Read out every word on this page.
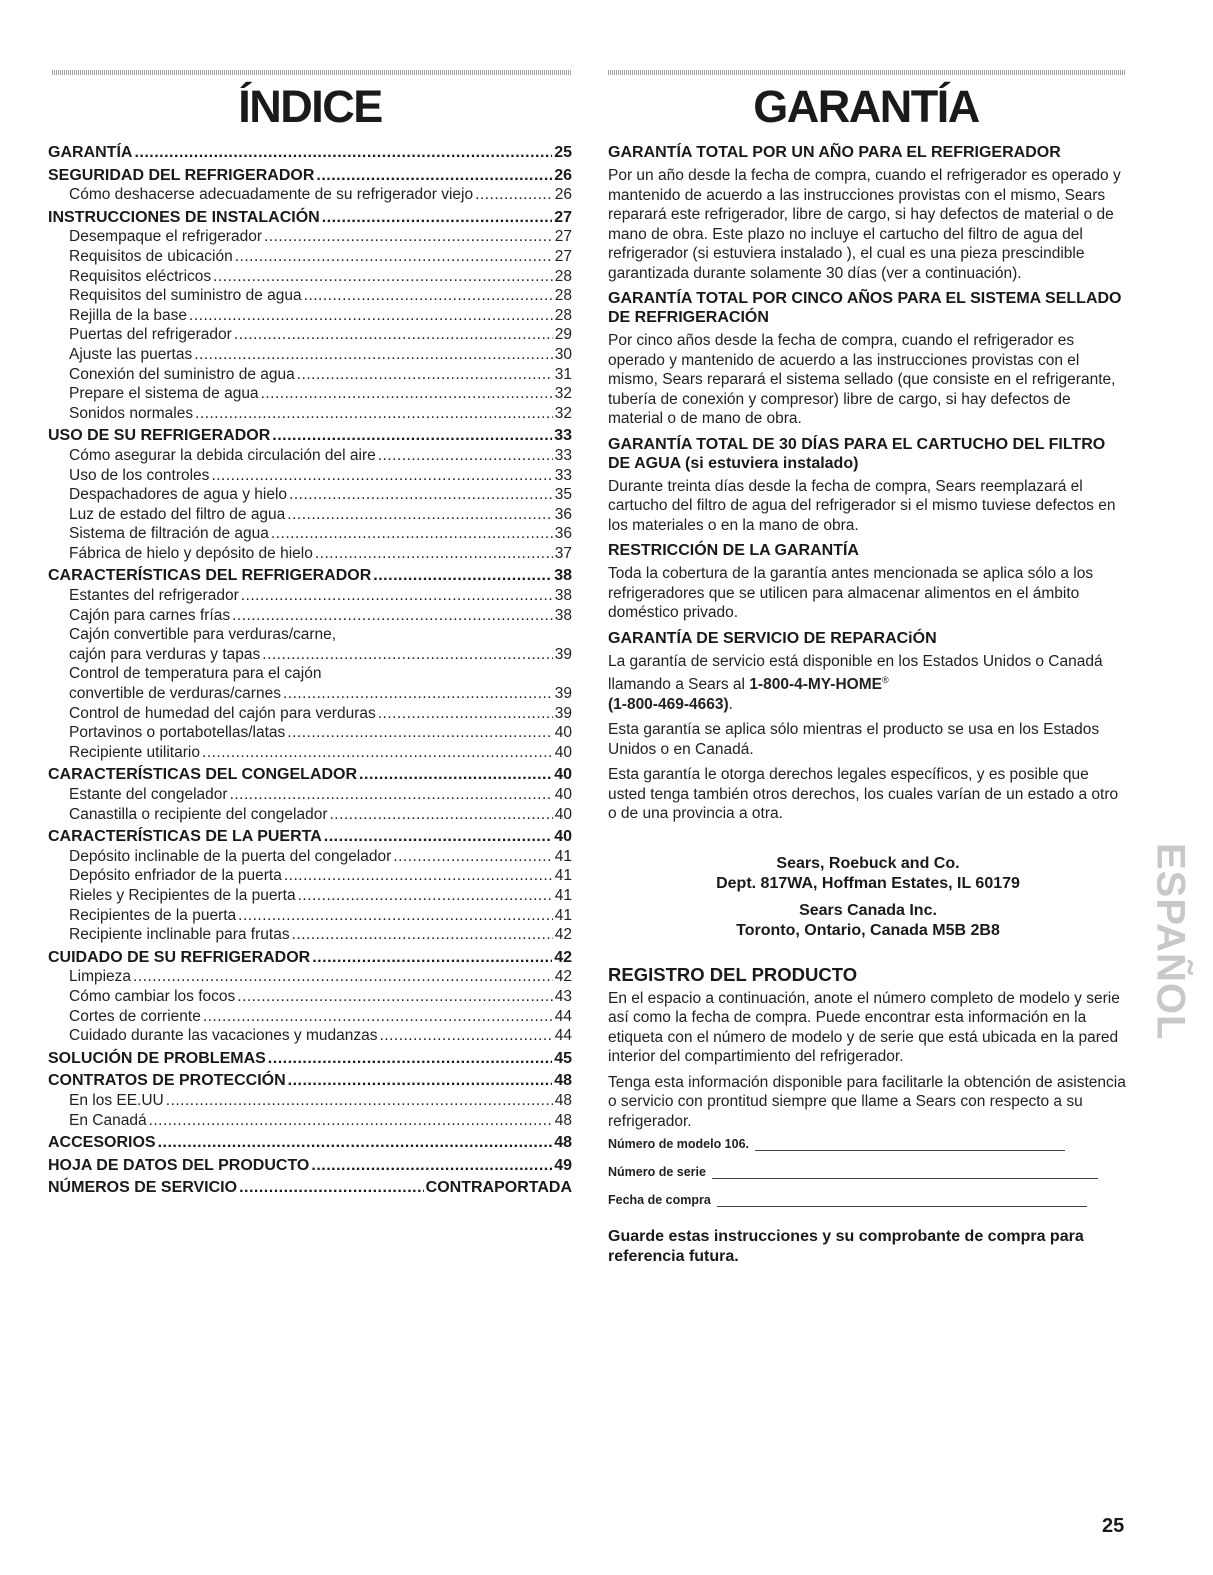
ÍNDICE	GARANTÍA
GARANTÍA .....	25
SEGURIDAD DEL REFRIGERADOR .....	26
Cómo deshacerse adecuadamente de su refrigerador viejo .....	26
INSTRUCCIONES DE INSTALACIÓN .....	27
Desempaque el refrigerador .....	27
Requisitos de ubicación .....	27
Requisitos eléctricos .....	28
Requisitos del suministro de agua .....	28
Rejilla de la base .....	28
Puertas del refrigerador .....	29
Ajuste las puertas .....	30
Conexión del suministro de agua .....	31
Prepare el sistema de agua .....	32
Sonidos normales .....	32
USO DE SU REFRIGERADOR .....	33
Cómo asegurar la debida circulación del aire .....	33
Uso de los controles .....	33
Despachadores de agua y hielo .....	35
Luz de estado del filtro de agua .....	36
Sistema de filtración de agua .....	36
Fábrica de hielo y depósito de hielo .....	37
CARACTERÍSTICAS DEL REFRIGERADOR .....	38
Estantes del refrigerador .....	38
Cajón para carnes frías .....	38
Cajón convertible para verduras/carne,
cajón para verduras y tapas .....	39
Control de temperatura para el cajón
convertible de verduras/carnes .....	39
Control de humedad del cajón para verduras .....	39
Portavinos o portabotellas/latas .....	40
Recipiente utilitario .....	40
CARACTERÍSTICAS DEL CONGELADOR .....	40
Estante del congelador .....	40
Canastilla o recipiente del congelador .....	40
CARACTERÍSTICAS DE LA PUERTA .....	40
Depósito inclinable de la puerta del congelador .....	41
Depósito enfriador de la puerta .....	41
Rieles y Recipientes de la puerta .....	41
Recipientes de la puerta .....	41
Recipiente inclinable para frutas .....	42
CUIDADO DE SU REFRIGERADOR .....	42
Limpieza .....	42
Cómo cambiar los focos .....	43
Cortes de corriente .....	44
Cuidado durante las vacaciones y mudanzas .....	44
SOLUCIÓN DE PROBLEMAS .....	45
CONTRATOS DE PROTECCIÓN .....	48
En los EE.UU .....	48
En Canadá .....	48
ACCESORIOS .....	48
HOJA DE DATOS DEL PRODUCTO .....	49
NÚMEROS DE SERVICIO .....	CONTRAPORTADA
GARANTÍA TOTAL POR UN AÑO PARA EL REFRIGERADOR

Por un año desde la fecha de compra, cuando el refrigerador es operado y mantenido de acuerdo a las instrucciones provistas con el mismo, Sears reparará este refrigerador, libre de cargo, si hay defectos de material o de mano de obra. Este plazo no incluye el cartucho del filtro de agua del refrigerador (si estuviera instalado ), el cual es una pieza prescindible garantizada durante solamente 30 días (ver a continuación).

GARANTÍA TOTAL POR CINCO AÑOS PARA EL SISTEMA SELLADO DE REFRIGERACIÓN

Por cinco años desde la fecha de compra, cuando el refrigerador es operado y mantenido de acuerdo a las instrucciones provistas con el mismo, Sears reparará el sistema sellado (que consiste en el refrigerante, tubería de conexión y compresor) libre de cargo, si hay defectos de material o de mano de obra.

GARANTÍA TOTAL DE 30 DÍAS PARA EL CARTUCHO DEL FILTRO DE AGUA (si estuviera instalado)

Durante treinta días desde la fecha de compra, Sears reemplazará el cartucho del filtro de agua del refrigerador si el mismo tuviese defectos en los materiales o en la mano de obra.

RESTRICCIÓN DE LA GARANTÍA

Toda la cobertura de la garantía antes mencionada se aplica sólo a los refrigeradores que se utilicen para almacenar alimentos en el ámbito doméstico privado.

GARANTÍA DE SERVICIO DE REPARACiÓN

La garantía de servicio está disponible en los Estados Unidos o Canadá llamando a Sears al 1-800-4-MY-HOME®
(1-800-469-4663).

Esta garantía se aplica sólo mientras el producto se usa en los Estados Unidos o en Canadá.

Esta garantía le otorga derechos legales específicos, y es posible que usted tenga también otros derechos, los cuales varían de un estado a otro o de una provincia a otra.

Sears, Roebuck and Co.
Dept. 817WA, Hoffman Estates, IL 60179
Sears Canada Inc.
Toronto, Ontario, Canada M5B 2B8
REGISTRO DEL PRODUCTO

En el espacio a continuación, anote el número completo de modelo y serie así como la fecha de compra. Puede encontrar esta información en la etiqueta con el número de modelo y de serie que está ubicada en la pared interior del compartimiento del refrigerador.

Tenga esta información disponible para facilitarle la obtención de asistencia o servicio con prontitud siempre que llame a Sears con respecto a su refrigerador.

Número de modelo 106.
Número de serie
Fecha de compra
Guarde estas instrucciones y su comprobante de compra para referencia futura.
ESPAÑOL

25
